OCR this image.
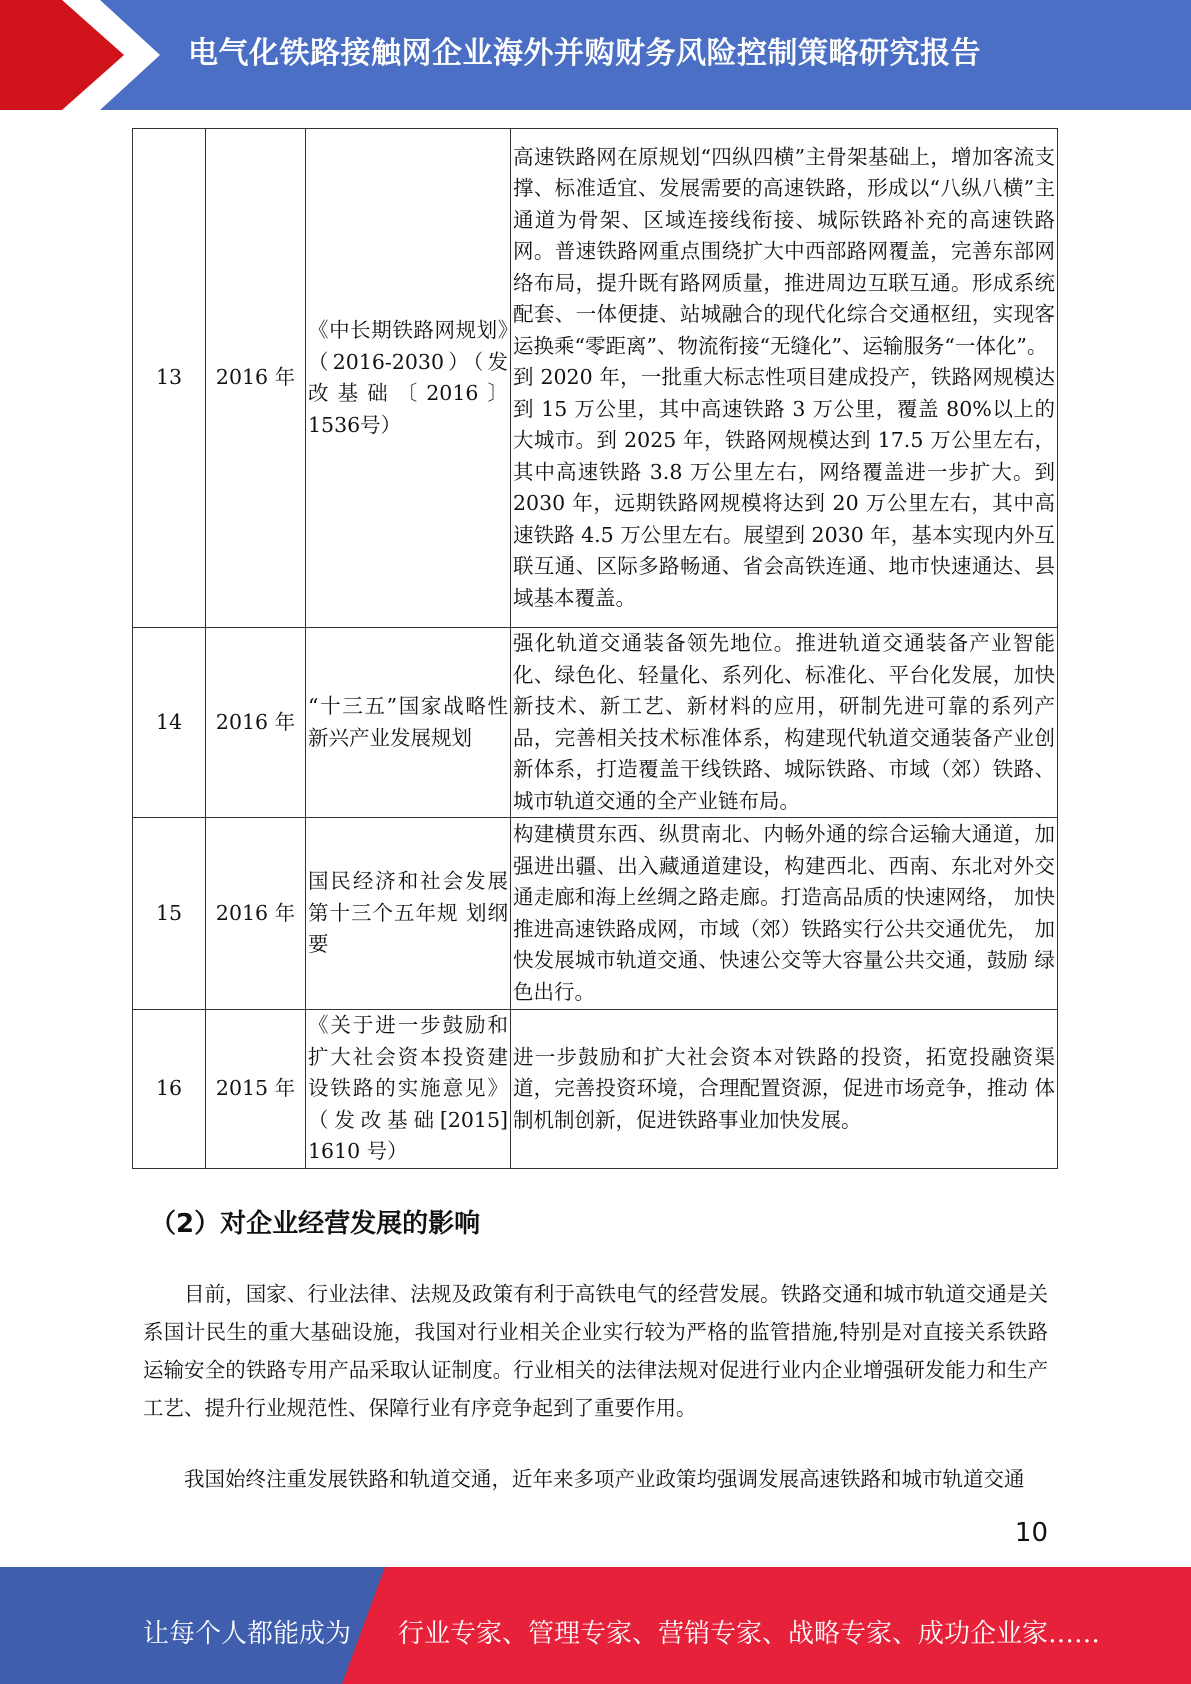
电气化铁路接触网企业海外并购财务风险控制策略研究报告
13	2016 年	《中长期铁路网规划》（2016-2030）（发改基础〔2016〕 1536号）	高速铁路网在原规划“四纵四横”主骨架基础上，增加客流支撑、标准适宜、发展需要的高速铁路，形成以“八纵八横”主通道为骨架、区域连接线衔接、城际铁路补充的高速铁路网。普速铁路网重点围绕扩大中西部路网覆盖，完善东部网络布局，提升既有路网质量，推进周边互联互通。形成系统配套、一体便捷、站城融合的现代化综合交通枢纽，实现客运换乘“零距离”、物流衔接“无缝化”、运输服务“一体化”。
到 2020 年，一批重大标志性项目建成投产，铁路网规模达到 15 万公里，其中高速铁路 3 万公里，覆盖 80%以上的大城市。到 2025 年，铁路网规模达到 17.5 万公里左右，其中高速铁路 3.8 万公里左右，网络覆盖进一步扩大。到 2030 年，远期铁路网规模将达到 20 万公里左右，其中高速铁路 4.5 万公里左右。展望到 2030 年，基本实现内外互联互通、区际多路畅通、省会高铁连通、地市快速通达、县域基本覆盖。

14	2016 年	“十三五”国家战略性新兴产业发展规划	强化轨道交通装备领先地位。推进轨道交通装备产业智能化、绿色化、轻量化、系列化、标准化、平台化发展，加快新技术、新工艺、新材料的应用，研制先进可靠的系列产品，完善相关技术标准体系，构建现代轨道交通装备产业创新体系，打造覆盖干线铁路、城际铁路、市域（郊）铁路、城市轨道交通的全产业链布局。
15	2016 年	国民经济和社会发展第十三个五年规 划纲要	构建横贯东西、纵贯南北、内畅外通的综合运输大通道，加强进出疆、出入藏通道建设，构建西北、西南、东北对外交通走廊和海上丝绸之路走廊。打造高品质的快速网络， 加快推进高速铁路成网，市域（郊）铁路实行公共交通优先， 加快发展城市轨道交通、快速公交等大容量公共交通，鼓励 绿色出行。
16	2015 年	《关于进一步鼓励和扩大社会资本投资建设铁路的实施意见》（发改基础[2015] 1610 号）	进一步鼓励和扩大社会资本对铁路的投资，拓宽投融资渠 道，完善投资环境，合理配置资源，促进市场竞争，推动 体制机制创新，促进铁路事业加快发展。
（2）对企业经营发展的影响

目前，国家、行业法律、法规及政策有利于高铁电气的经营发展。铁路交通和城市轨道交通是关系国计民生的重大基础设施，我国对行业相关企业实行较为严格的监管措施,特别是对直接关系铁路运输安全的铁路专用产品采取认证制度。行业相关的法律法规对促进行业内企业增强研发能力和生产工艺、提升行业规范性、保障行业有序竞争起到了重要作用。

我国始终注重发展铁路和轨道交通，近年来多项产业政策均强调发展高速铁路和城市轨道交通

10
让每个人都能成为 行业专家、管理专家、营销专家、战略专家、成功企业家……
